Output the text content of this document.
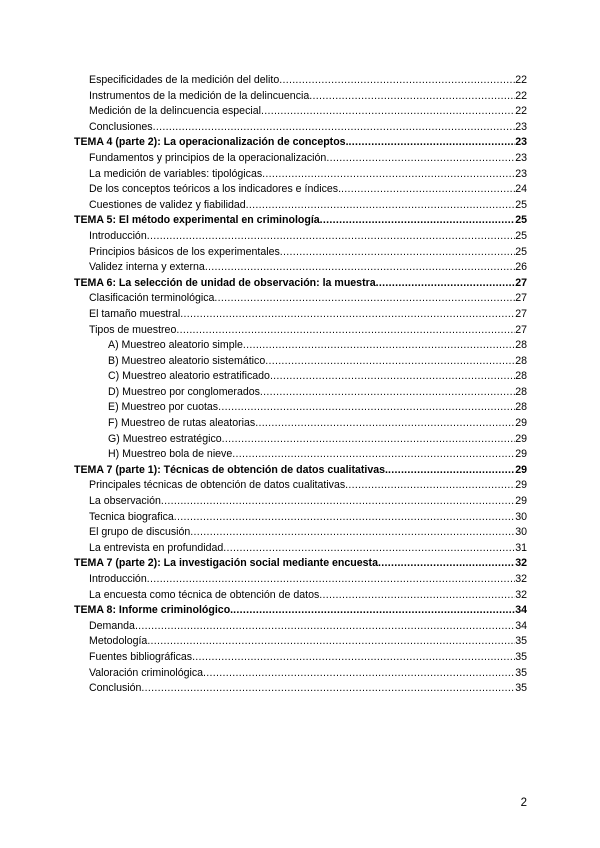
Especificidades de la medición del delito .....	22
Instrumentos de la medición de la delincuencia .....	22
Medición de la delincuencia especial .....	22
Conclusiones .....	23
TEMA 4 (parte 2): La operacionalización de conceptos. .....	23
Fundamentos y principios de la operacionalización .....	23
La medición de variables: tipológicas .....	23
De los conceptos teóricos a los indicadores e índices. .....	24
Cuestiones de validez y fiabilidad .....	25
TEMA 5: El método experimental en criminología .....	25
Introducción .....	25
Principios básicos de los experimentales .....	25
Validez interna y externa .....	26
TEMA 6: La selección de unidad de observación: la muestra .....	27
Clasificación terminológica .....	27
El tamaño muestral .....	27
Tipos de muestreo .....	27
A) Muestreo aleatorio simple .....	28
B) Muestreo aleatorio sistemático .....	28
C) Muestreo aleatorio estratificado .....	28
D) Muestreo por conglomerados .....	28
E) Muestreo por cuotas .....	28
F) Muestreo de rutas aleatorias .....	29
G) Muestreo estratégico .....	29
H) Muestreo bola de nieve .....	29
TEMA 7 (parte 1): Técnicas de obtención de datos cualitativas. .....	29
Principales técnicas de obtención de datos cualitativas .....	29
La observación .....	29
Tecnica biografica .....	30
El grupo de discusión .....	30
La entrevista en profundidad .....	31
TEMA 7 (parte 2): La investigación social mediante encuesta .....	32
Introducción .....	32
La encuesta como técnica de obtención de datos .....	32
TEMA 8: Informe criminológico. .....	34
Demanda .....	34
Metodología .....	35
Fuentes bibliográficas .....	35
Valoración criminológica .....	35
Conclusión .....	35
2
